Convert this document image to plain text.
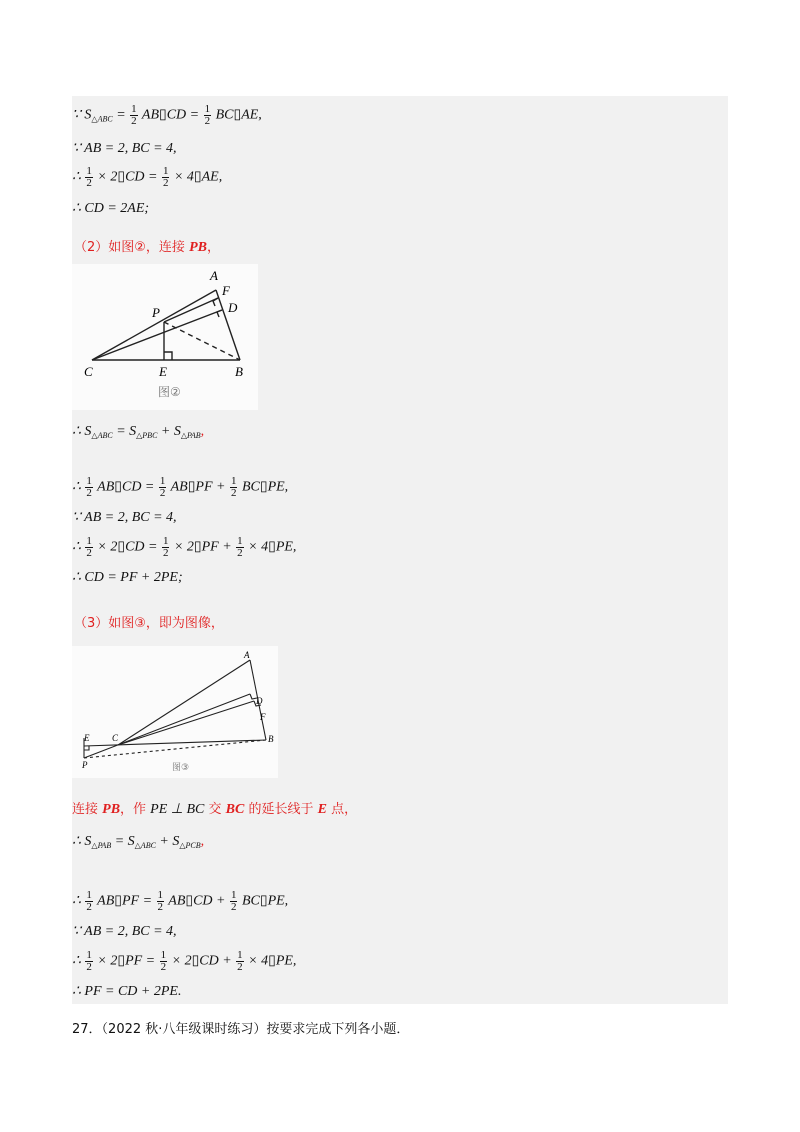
∵ $S_{\triangle ABC} = \frac{1}{2}$ AB▯CD = $\frac{1}{2}$ BC▯AE,
∵ AB = 2, BC = 4,
∴ $\frac{1}{2}$ × 2▯CD = $\frac{1}{2}$ × 4▯AE,
∴ CD = 2AE;
（2）如图②，连接 PB，
A
F
D
P
C	E	B
图②
∴ $S_{\triangle ABC} = S_{\triangle PBC} + S_{\triangle PAB}$,
∴ $\frac{1}{2}$ AB▯CD = $\frac{1}{2}$ AB▯PF + $\frac{1}{2}$ BC▯PE,
∵ AB = 2, BC = 4,
∴ $\frac{1}{2}$ × 2▯CD = $\frac{1}{2}$ × 2▯PF + $\frac{1}{2}$ × 4▯PE,
∴ CD = PF + 2PE;
（3）如图③，即为图像，
A
D
F
C
E	B
P	图③
连接 PB，作 PE ⊥ BC 交 BC 的延长线于 E 点，
∴ $S_{\triangle PAB} = S_{\triangle ABC} + S_{\triangle PCB}$,
∴ $\frac{1}{2}$ AB▯PF = $\frac{1}{2}$ AB▯CD + $\frac{1}{2}$ BC▯PE,
∵ AB = 2, BC = 4,
∴ $\frac{1}{2}$ × 2▯PF = $\frac{1}{2}$ × 2▯CD + $\frac{1}{2}$ × 4▯PE,
∴ PF = CD + 2PE.
27．（2022 秋·八年级课时练习）按要求完成下列各小题．
